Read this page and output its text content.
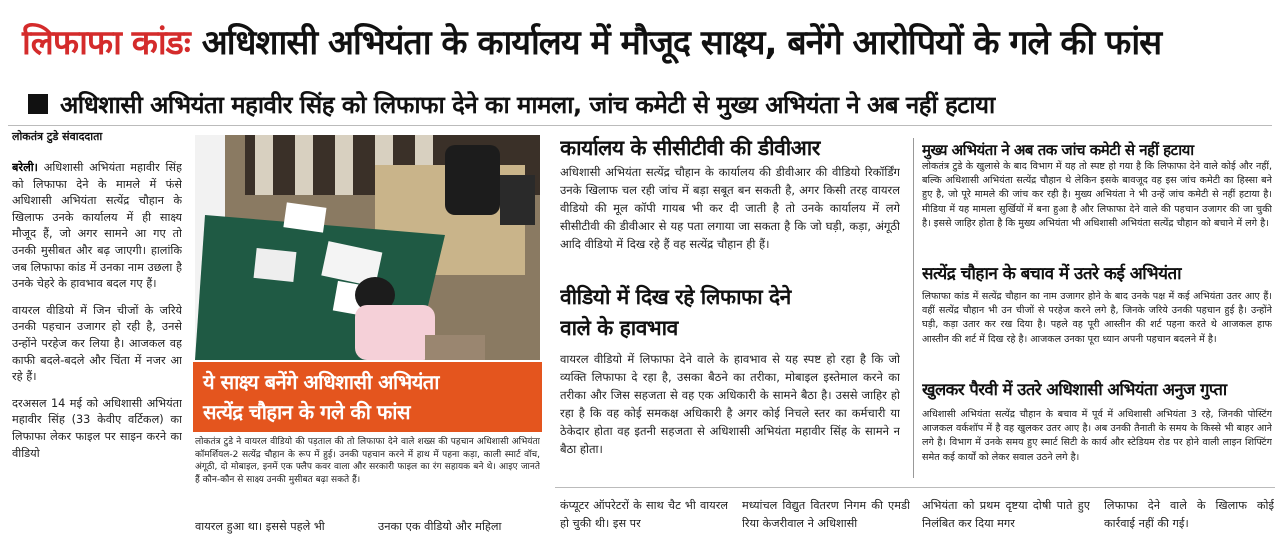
लिफाफा कांडः अधिशासी अभियंता के कार्यालय में मौजूद साक्ष्य, बनेंगे आरोपियों के गले की फांस
अधिशासी अभियंता महावीर सिंह को लिफाफा देने का मामला, जांच कमेटी से मुख्य अभियंता ने अब नहीं हटाया
लोकतंत्र टुडे संवाददाता

बरेली। अधिशासी अभियंता महावीर सिंह को लिफाफा देने के मामले में फंसे अधिशासी अभियंता सत्येंद्र चौहान के खिलाफ उनके कार्यालय में ही साक्ष्य मौजूद हैं, जो अगर सामने आ गए तो उनकी मुसीबत और बढ़ जाएगी। हालांकि जब लिफाफा कांड में उनका नाम उछला है उनके चेहरे के हावभाव बदल गए हैं।

वायरल वीडियो में जिन चीजों के जरिये उनकी पहचान उजागर हो रही है, उनसे उन्होंने परहेज कर लिया है। आजकल वह काफी बदले-बदले और चिंता में नजर आ रहे हैं।

दरअसल 14 मई को अधिशासी अभियंता महावीर सिंह (33 केवीए वर्टिकल) का लिफाफा लेकर फाइल पर साइन करने का वीडियो

ये साक्ष्य बनेंगे अधिशासी अभियंता
सत्येंद्र चौहान के गले की फांस
लोकतंत्र टुडे ने वायरल वीडियो की पड़ताल की तो लिफाफा देने वाले शख्स की पहचान अधिशासी अभियंता कॉमर्शियल-2 सत्येंद्र चौहान के रूप में हुई। उनकी पहचान करने में हाथ में पहना कड़ा, काली स्मार्ट वॉच, अंगूठी, दो मोबाइल, इनमें एक फ्लैप कवर वाला और सरकारी फाइल का रंग सहायक बने थे। आइए जानते हैं कौन-कौन से साक्ष्य उनकी मुसीबत बढ़ा सकते हैं।
कार्यालय के सीसीटीवी की डीवीआर
अधिशासी अभियंता सत्येंद्र चौहान के कार्यालय की डीवीआर की वीडियो रिकॉर्डिंग उनके खिलाफ चल रही जांच में बड़ा सबूत बन सकती है, अगर किसी तरह वायरल वीडियो की मूल कॉपी गायब भी कर दी जाती है तो उनके कार्यालय में लगे सीसीटीवी की डीवीआर से यह पता लगाया जा सकता है कि जो घड़ी, कड़ा, अंगूठी आदि वीडियो में दिख रहे हैं वह सत्येंद्र चौहान ही हैं।
वीडियो में दिख रहे लिफाफा देने
वाले के हावभाव
वायरल वीडियो में लिफाफा देने वाले के हावभाव से यह स्पष्ट हो रहा है कि जो व्यक्ति लिफाफा दे रहा है, उसका बैठने का तरीका, मोबाइल इस्तेमाल करने का तरीका और जिस सहजता से वह एक अधिकारी के सामने बैठा है। उससे जाहिर हो रहा है कि वह कोई समकक्ष अधिकारी है अगर कोई निचले स्तर का कर्मचारी या ठेकेदार होता वह इतनी सहजता से अधिशासी अभियंता महावीर सिंह के सामने न बैठा होता।
मुख्य अभियंता ने अब तक जांच कमेटी से नहीं हटाया
लोकतंत्र टुडे के खुलासे के बाद विभाग में यह तो स्पष्ट हो गया है कि लिफाफा देने वाले कोई और नहीं, बल्कि अधिशासी अभियंता सत्येंद्र चौहान थे लेकिन इसके बावजूद वह इस जांच कमेटी का हिस्सा बने हुए है, जो पूरे मामले की जांच कर रही है। मुख्य अभियंता ने भी उन्हें जांच कमेटी से नहीं हटाया है। मीडिया में यह मामला सुर्खियों में बना हुआ है और लिफाफा देने वाले की पहचान उजागर की जा चुकी है। इससे जाहिर होता है कि मुख्य अभियंता भी अधिशासी अभियंता सत्येंद्र चौहान को बचाने में लगे है।
सत्येंद्र चौहान के बचाव में उतरे कई अभियंता
लिफाफा कांड में सत्येंद्र चौहान का नाम उजागर होने के बाद उनके पक्ष में कई अभियंता उतर आए हैं। वहीं सत्येंद्र चौहान भी उन चीजों से परहेज करने लगे है, जिनके जरिये उनकी पहचान हुई है। उन्होंने घड़ी, कड़ा उतार कर रख दिया है। पहले वह पूरी आस्तीन की शर्ट पहना करते थे आजकल हाफ आस्तीन की शर्ट में दिख रहे है। आजकल उनका पूरा ध्यान अपनी पहचान बदलने में है।
खुलकर पैरवी में उतरे अधिशासी अभियंता अनुज गुप्ता
अधिशासी अभियंता सत्येंद्र चौहान के बचाव में पूर्व में अधिशासी अभियंता 3 रहे, जिनकी पोस्टिंग आजकल वर्कशॉप में है वह खुलकर उतर आए है। अब उनकी तैनाती के समय के किस्से भी बाहर आने लगे है। विभाग में उनके समय हुए स्मार्ट सिटी के कार्य और स्टेडियम रोड पर होने वाली लाइन शिफ्टिंग समेत कई कार्यों को लेकर सवाल उठने लगे है।
वायरल हुआ था। इससे पहले भी	उनका एक वीडियो और महिला
कंप्यूटर ऑपरेटरों के साथ चैट भी वायरल हो चुकी थी। इस पर
मध्यांचल विद्युत वितरण निगम की एमडी रिया केजरीवाल ने अधिशासी
अभियंता को प्रथम दृष्टया दोषी पाते हुए निलंबित कर दिया मगर
लिफाफा देने वाले के खिलाफ कोई कार्रवाई नहीं की गई।
